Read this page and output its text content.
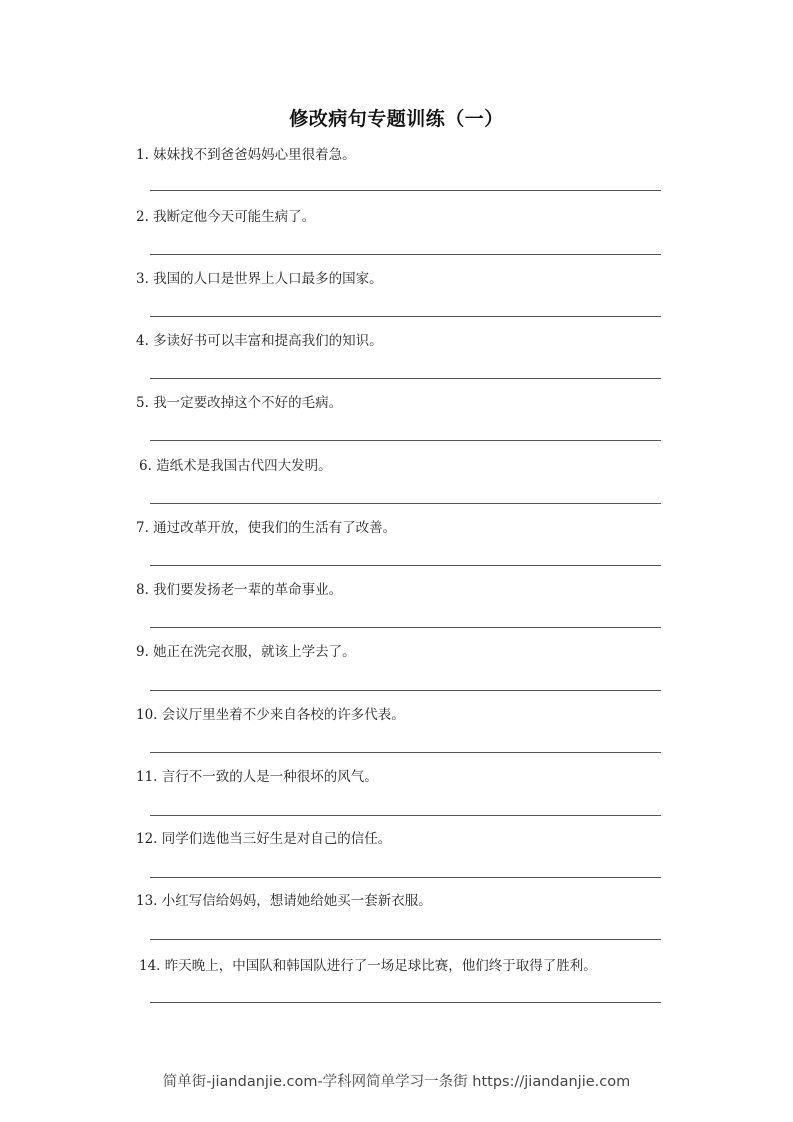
修改病句专题训练（一）
1. 妹妹找不到爸爸妈妈心里很着急。
2. 我断定他今天可能生病了。
3. 我国的人口是世界上人口最多的国家。
4. 多读好书可以丰富和提高我们的知识。
5. 我一定要改掉这个不好的毛病。
6. 造纸术是我国古代四大发明。
7. 通过改革开放，使我们的生活有了改善。
8. 我们要发扬老一辈的革命事业。
9. 她正在洗完衣服，就该上学去了。
10. 会议厅里坐着不少来自各校的许多代表。
11. 言行不一致的人是一种很坏的风气。
12. 同学们选他当三好生是对自己的信任。
13. 小红写信给妈妈，想请她给她买一套新衣服。
14. 昨天晚上，中国队和韩国队进行了一场足球比赛，他们终于取得了胜利。
简单街-jiandanjie.com-学科网简单学习一条街 https://jiandanjie.com
